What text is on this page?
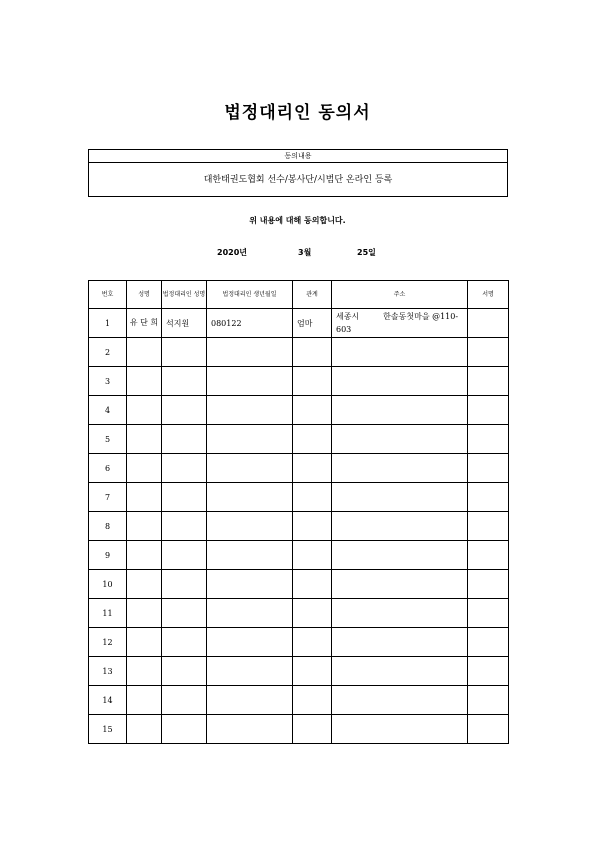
법정대리인 동의서
동의내용
대한태권도협회 선수/봉사단/시범단 온라인 등록
위 내용에 대해 동의합니다.
2020년	3월	25일
번호	성명	법정대리인 성명	법정대리인 생년월일	관계	주소	서명
1	유 단 희	석지원	080122	엄마	세종시　　　한솔동첫마을 @110-603	
2						
3						
4						
5						
6						
7						
8						
9						
10						
11						
12						
13						
14						
15						
